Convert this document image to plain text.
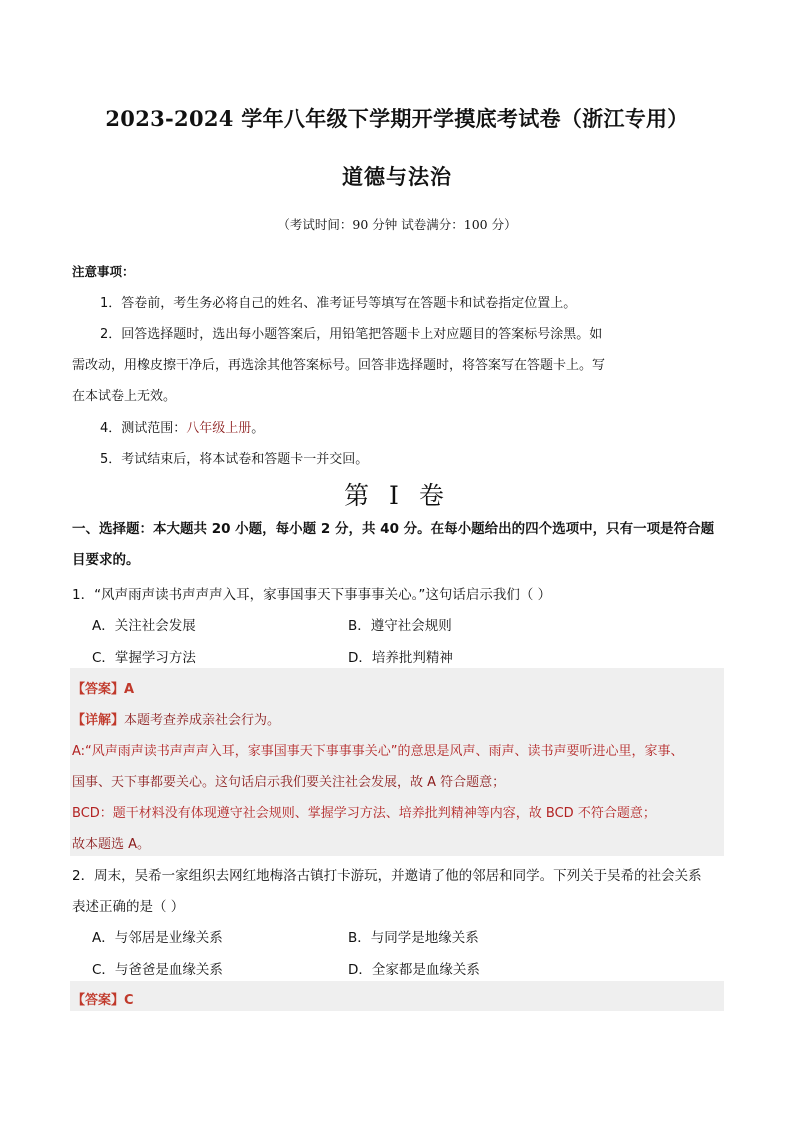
2023-2024 学年八年级下学期开学摸底考试卷（浙江专用）
道德与法治
（考试时间：90 分钟 试卷满分：100 分）
注意事项：
1．答卷前，考生务必将自己的姓名、准考证号等填写在答题卡和试卷指定位置上。
2．回答选择题时，选出每小题答案后，用铅笔把答题卡上对应题目的答案标号涂黑。如
需改动，用橡皮擦干净后，再选涂其他答案标号。回答非选择题时，将答案写在答题卡上。写
在本试卷上无效。
4．测试范围：八年级上册。
5．考试结束后，将本试卷和答题卡一并交回。
第 I 卷
一、选择题：本大题共 20 小题，每小题 2 分，共 40 分。在每小题给出的四个选项中，只有一项是符合题
目要求的。
1．“风声雨声读书声声声入耳，家事国事天下事事事关心。”这句话启示我们（ ）
A．关注社会发展	B．遵守社会规则
C．掌握学习方法	D．培养批判精神
【答案】A
【详解】本题考查养成亲社会行为。
A:“风声雨声读书声声声入耳，家事国事天下事事事关心”的意思是风声、雨声、读书声要听进心里，家事、
国事、天下事都要关心。这句话启示我们要关注社会发展，故 A 符合题意；
BCD：题干材料没有体现遵守社会规则、掌握学习方法、培养批判精神等内容，故 BCD 不符合题意；
故本题选 A。
2．周末，吴希一家组织去网红地梅洛古镇打卡游玩，并邀请了他的邻居和同学。下列关于吴希的社会关系
表述正确的是（ ）
A．与邻居是业缘关系	B．与同学是地缘关系
C．与爸爸是血缘关系	D．全家都是血缘关系
【答案】C
